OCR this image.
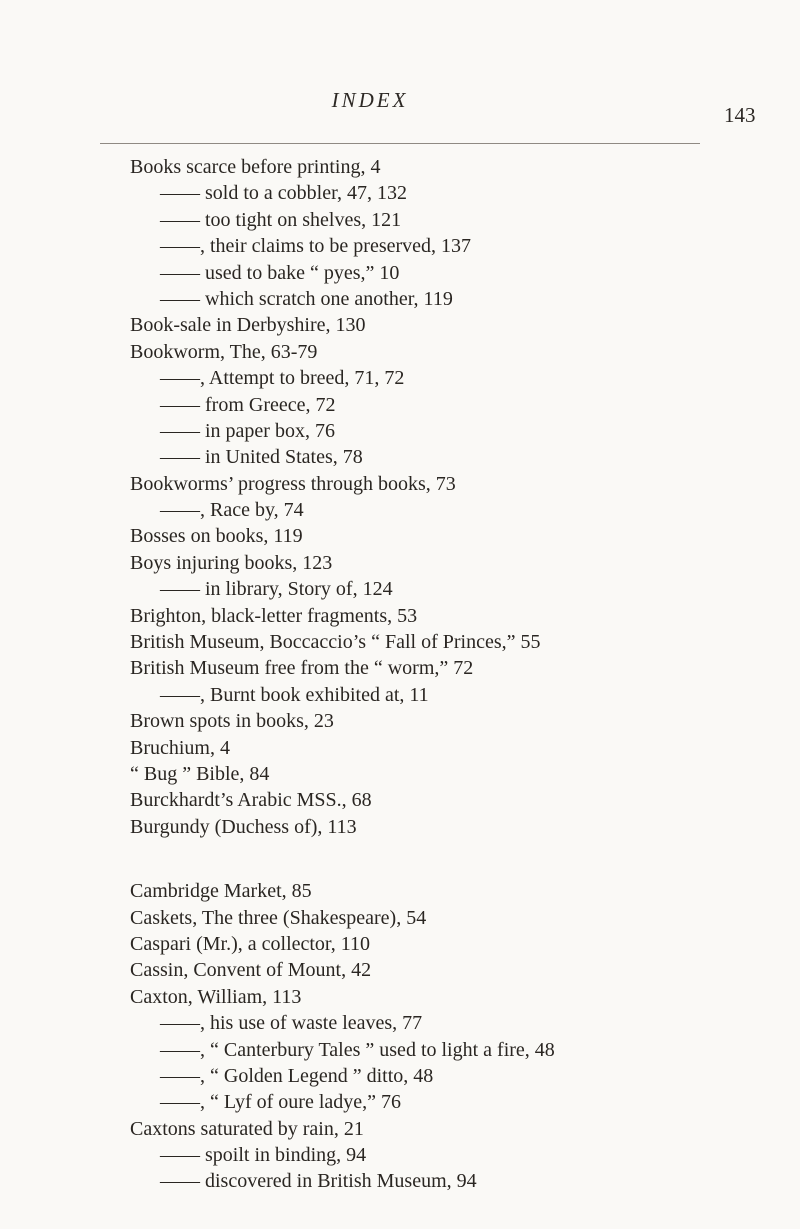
INDEX
143
Books scarce before printing, 4
—— sold to a cobbler, 47, 132
—— too tight on shelves, 121
——, their claims to be preserved, 137
—— used to bake “ pyes,” 10
—— which scratch one another, 119
Book-sale in Derbyshire, 130
Bookworm, The, 63-79
——, Attempt to breed, 71, 72
—— from Greece, 72
—— in paper box, 76
—— in United States, 78
Bookworms’ progress through books, 73
——, Race by, 74
Bosses on books, 119
Boys injuring books, 123
—— in library, Story of, 124
Brighton, black-letter fragments, 53
British Museum, Boccaccio’s “ Fall of Princes,” 55
British Museum free from the “ worm,” 72
——, Burnt book exhibited at, 11
Brown spots in books, 23
Bruchium, 4
“ Bug ” Bible, 84
Burckhardt’s Arabic MSS., 68
Burgundy (Duchess of), 113
Cambridge Market, 85
Caskets, The three (Shakespeare), 54
Caspari (Mr.), a collector, 110
Cassin, Convent of Mount, 42
Caxton, William, 113
——, his use of waste leaves, 77
——, “ Canterbury Tales ” used to light a fire, 48
——, “ Golden Legend ” ditto, 48
——, “ Lyf of oure ladye,” 76
Caxtons saturated by rain, 21
—— spoilt in binding, 94
—— discovered in British Museum, 94
